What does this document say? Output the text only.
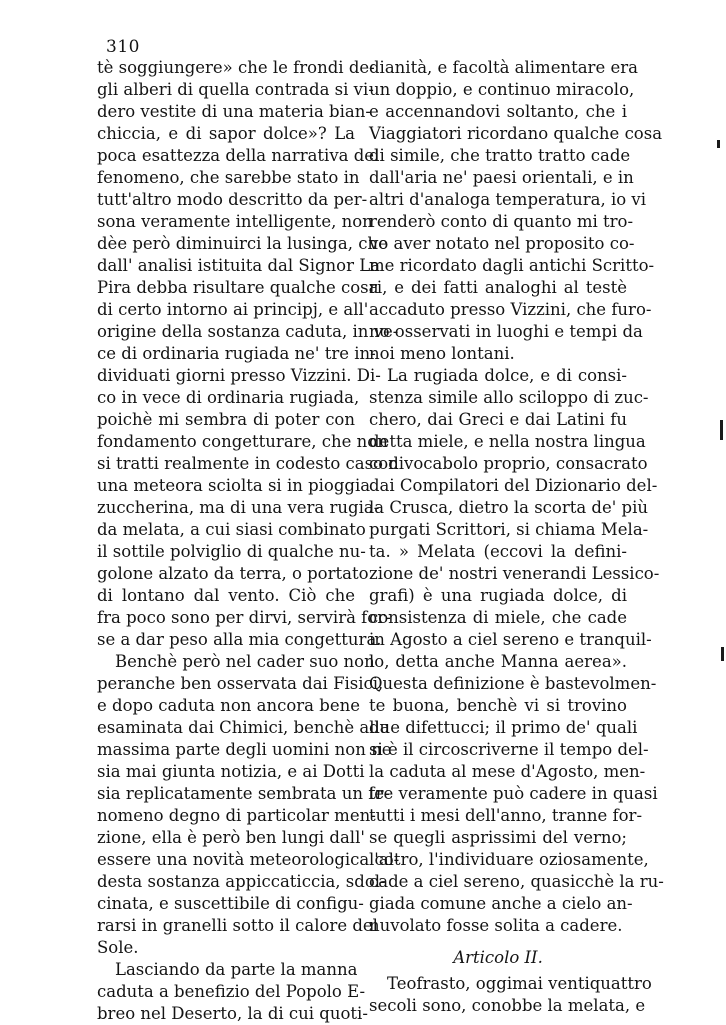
310
tè soggiungere» che le frondi de-
gli alberi di quella contrada si vi-
dero vestite di una materia bian-
chiccia, e di sapor dolce»? La
poca esattezza della narrativa del
fenomeno, che sarebbe stato in
tutt'altro modo descritto da per-
sona veramente intelligente, non
dèe però diminuirci la lusinga, che
dall' analisi istituita dal Signor La
Pira debba risultare qualche cosa
di certo intorno ai principj, e all'
origine della sostanza caduta, in ve-
ce di ordinaria rugiada ne' tre in-
dividuati giorni presso Vizzini. Di-
co in vece di ordinaria rugiada,
poichè mi sembra di poter con
fondamento congetturare, che non
si tratti realmente in codesto caso di
una meteora sciolta si in pioggia
zuccherina, ma di una vera rugia-
da melata, a cui siasi combinato
il sottile polviglio di qualche nu-
golone alzato da terra, o portato
di lontano dal vento. Ciò che
fra poco sono per dirvi, servirà for-
se a dar peso alla mia congettura.
Benchè però nel cader suo non
peranche ben osservata dai Fisici,
e dopo caduta non ancora bene
esaminata dai Chimici, benchè alla
massima parte degli uomini non ne
sia mai giunta notizia, e ai Dotti
sia replicatamente sembrata un fe-
nomeno degno di particolar men-
zione, ella è però ben lungi dall'
essere una novità meteorologica co-
desta sostanza appiccaticcia, sdol-
cinata, e suscettibile di configu-
rarsi in granelli sotto il calore del
Sole.
Lasciando da parte la manna
caduta a benefizio del Popolo E-
breo nel Deserto, la di cui quoti-
dianità, e facoltà alimentare era
un doppio, e continuo miracolo,
e accennandovi soltanto, che i
Viaggiatori ricordano qualche cosa
di simile, che tratto tratto cade
dall'aria ne' paesi orientali, e in
altri d'analoga temperatura, io vi
renderò conto di quanto mi tro-
vo aver notato nel proposito co-
me ricordato dagli antichi Scritto-
ri, e dei fatti analoghi al testè
accaduto presso Vizzini, che furo-
no osservati in luoghi e tempi da
noi meno lontani.
La rugiada dolce, e di consi-
stenza simile allo sciloppo di zuc-
chero, dai Greci e dai Latini fu
detta miele, e nella nostra lingua
con vocabolo proprio, consacrato
dai Compilatori del Dizionario del-
la Crusca, dietro la scorta de' più
purgati Scrittori, si chiama Mela-
ta. » Melata (eccovi la defini-
zione de' nostri venerandi Lessico-
grafi) è una rugiada dolce, di
consistenza di miele, che cade
in Agosto a ciel sereno e tranquil-
lo, detta anche Manna aerea».
Questa definizione è bastevolmen-
te buona, benchè vi si trovino
due difettucci; il primo de' quali
si è il circoscriverne il tempo del-
la caduta al mese d'Agosto, men-
tre veramente può cadere in quasi
tutti i mesi dell'anno, tranne for-
se quegli asprissimi del verno;
l'altro, l'individuare oziosamente,
cade a ciel sereno, quasicchè la ru-
giada comune anche a cielo an-
nuvolato fosse solita a cadere.
Articolo II.
Teofrasto, oggimai ventiquattro
secoli sono, conobbe la melata, e
